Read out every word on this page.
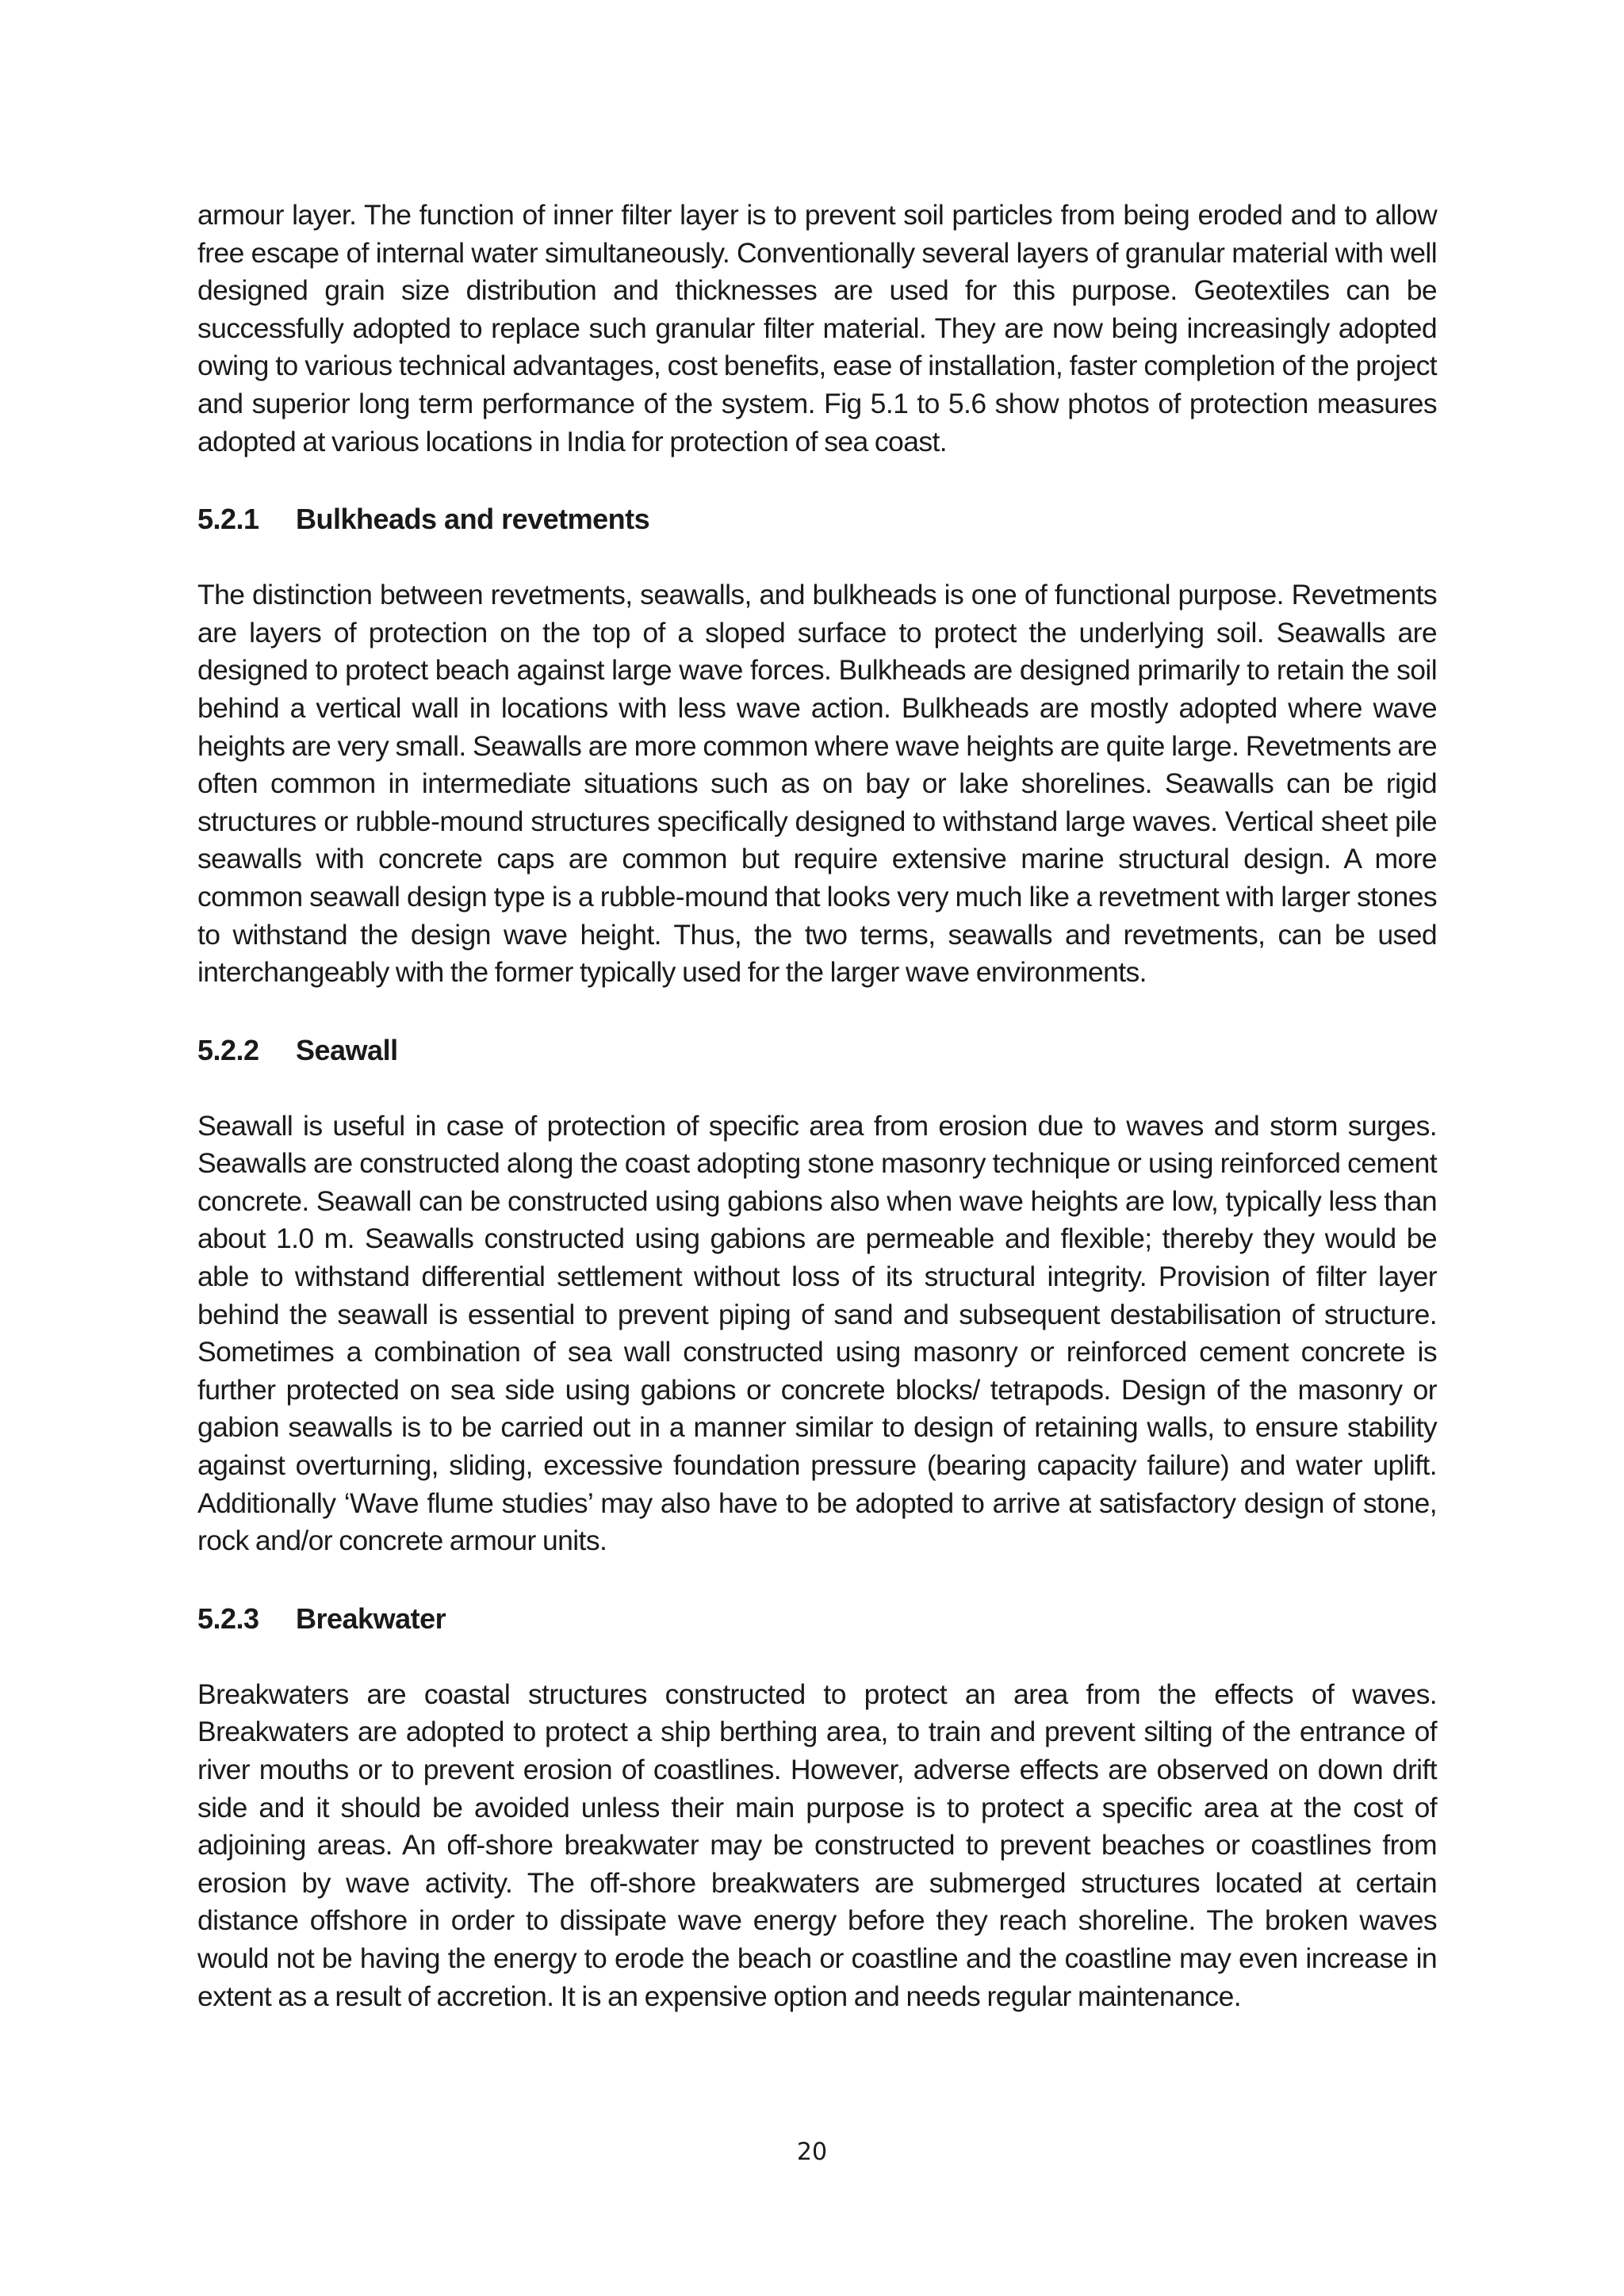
armour layer. The function of inner filter layer is to prevent soil particles from being eroded and to allow free escape of internal water simultaneously. Conventionally several layers of granular material with well designed grain size distribution and thicknesses are used for this purpose. Geotextiles can be successfully adopted to replace such granular filter material. They are now being increasingly adopted owing to various technical advantages, cost benefits, ease of installation, faster completion of the project and superior long term performance of the system. Fig 5.1 to 5.6 show photos of protection measures adopted at various locations in India for protection of sea coast.

5.2.1 Bulkheads and revetments

The distinction between revetments, seawalls, and bulkheads is one of functional purpose. Revetments are layers of protection on the top of a sloped surface to protect the underlying soil. Seawalls are designed to protect beach against large wave forces. Bulkheads are designed primarily to retain the soil behind a vertical wall in locations with less wave action. Bulkheads are mostly adopted where wave heights are very small. Seawalls are more common where wave heights are quite large. Revetments are often common in intermediate situations such as on bay or lake shorelines. Seawalls can be rigid structures or rubble-mound structures specifically designed to withstand large waves. Vertical sheet pile seawalls with concrete caps are common but require extensive marine structural design. A more common seawall design type is a rubble-mound that looks very much like a revetment with larger stones to withstand the design wave height. Thus, the two terms, seawalls and revetments, can be used interchangeably with the former typically used for the larger wave environments.

5.2.2 Seawall

Seawall is useful in case of protection of specific area from erosion due to waves and storm surges. Seawalls are constructed along the coast adopting stone masonry technique or using reinforced cement concrete. Seawall can be constructed using gabions also when wave heights are low, typically less than about 1.0 m. Seawalls constructed using gabions are permeable and flexible; thereby they would be able to withstand differential settlement without loss of its structural integrity. Provision of filter layer behind the seawall is essential to prevent piping of sand and subsequent destabilisation of structure. Sometimes a combination of sea wall constructed using masonry or reinforced cement concrete is further protected on sea side using gabions or concrete blocks/ tetrapods. Design of the masonry or gabion seawalls is to be carried out in a manner similar to design of retaining walls, to ensure stability against overturning, sliding, excessive foundation pressure (bearing capacity failure) and water uplift. Additionally ‘Wave flume studies’ may also have to be adopted to arrive at satisfactory design of stone, rock and/or concrete armour units.

5.2.3 Breakwater

Breakwaters are coastal structures constructed to protect an area from the effects of waves. Breakwaters are adopted to protect a ship berthing area, to train and prevent silting of the entrance of river mouths or to prevent erosion of coastlines. However, adverse effects are observed on down drift side and it should be avoided unless their main purpose is to protect a specific area at the cost of adjoining areas. An off-shore breakwater may be constructed to prevent beaches or coastlines from erosion by wave activity. The off-shore breakwaters are submerged structures located at certain distance offshore in order to dissipate wave energy before they reach shoreline. The broken waves would not be having the energy to erode the beach or coastline and the coastline may even increase in extent as a result of accretion. It is an expensive option and needs regular maintenance.

20
